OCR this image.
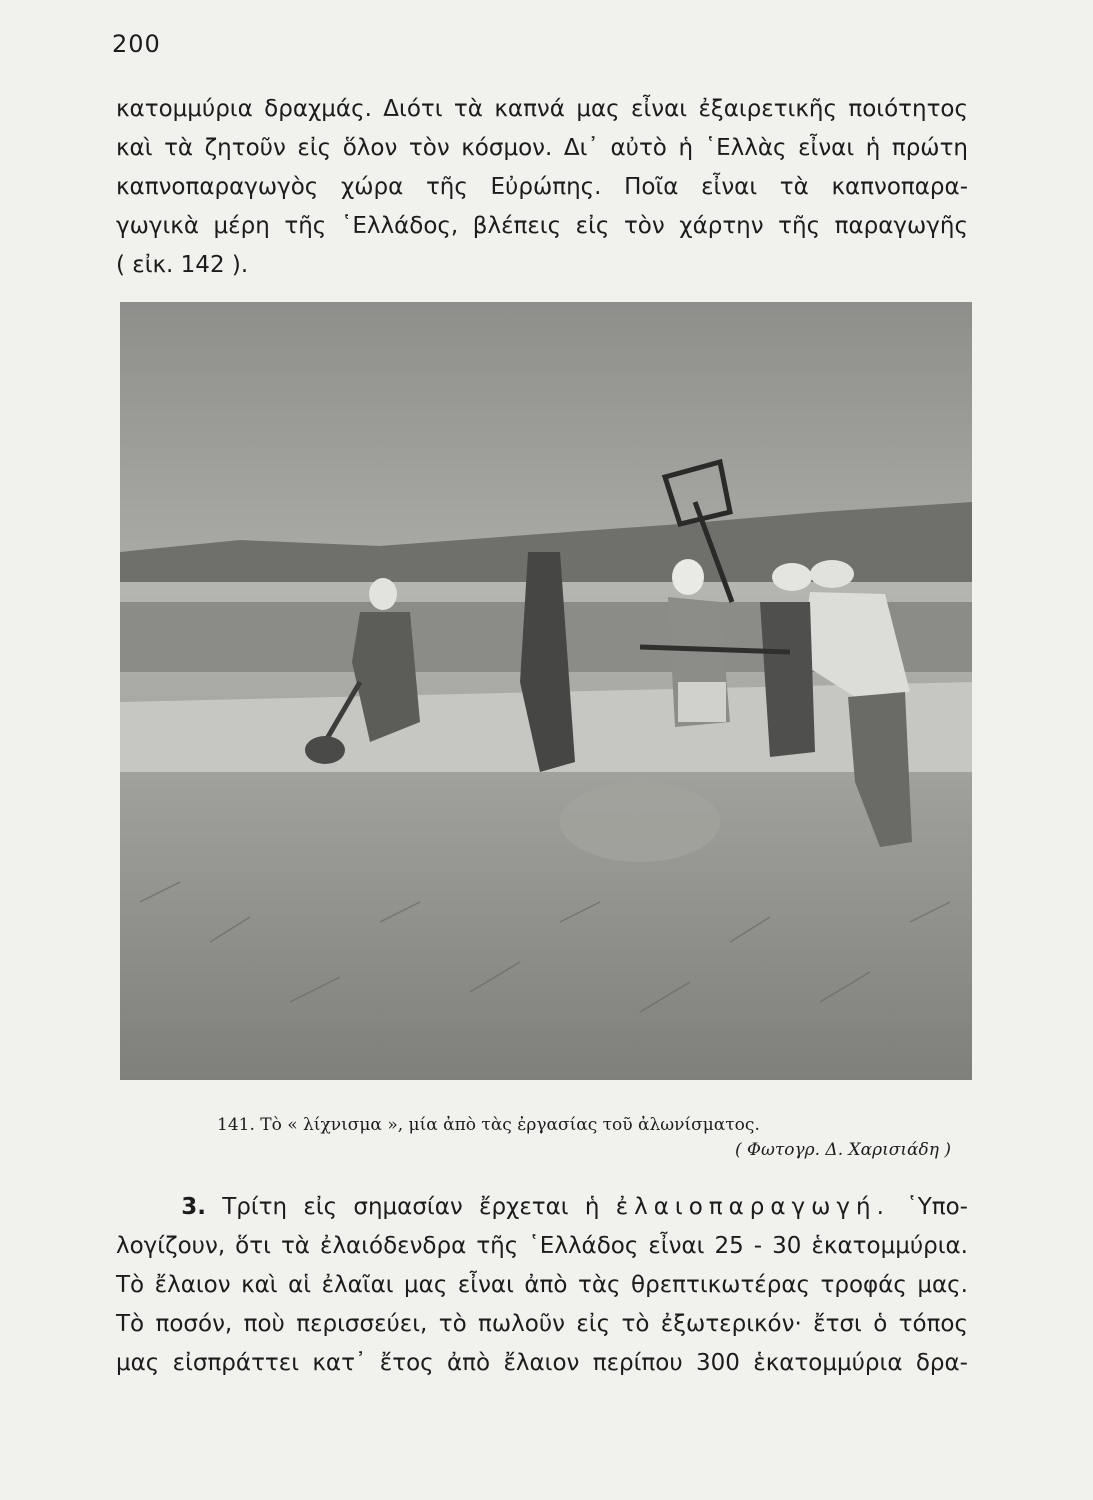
200
κατομμύρια δραχμάς. Διότι τὰ καπνά μας εἶναι ἐξαιρετικῆς ποιότητος
καὶ τὰ ζητοῦν εἰς ὅλον τὸν κόσμον. Δι᾽ αὐτὸ ἡ ῾Ελλὰς εἶναι ἡ πρώτη
καπνοπαραγωγὸς χώρα τῆς Εὐρώπης. Ποῖα εἶναι τὰ καπνοπαρα-
γωγικὰ μέρη τῆς ῾Ελλάδος, βλέπεις εἰς τὸν χάρτην τῆς παραγωγῆς
( εἰκ. 142 ).
141. Τὸ « λίχνισμα », μία ἀπὸ τὰς ἐργασίας τοῦ ἀλωνίσματος.
( Φωτογρ. Δ. Χαρισιάδη )
3. Τρίτη εἰς σημασίαν ἔρχεται ἡ ἐλαιοπαραγωγή. ῾Υπο-
λογίζουν, ὅτι τὰ ἐλαιόδενδρα τῆς ῾Ελλάδος εἶναι 25 - 30 ἑκατομμύρια.
Τὸ ἔλαιον καὶ αἱ ἐλαῖαι μας εἶναι ἀπὸ τὰς θρεπτικωτέρας τροφάς μας.
Τὸ ποσόν, ποὺ περισσεύει, τὸ πωλοῦν εἰς τὸ ἐξωτερικόν· ἔτσι ὁ τόπος
μας εἰσπράττει κατ᾽ ἔτος ἀπὸ ἔλαιον περίπου 300 ἑκατομμύρια δρα-
